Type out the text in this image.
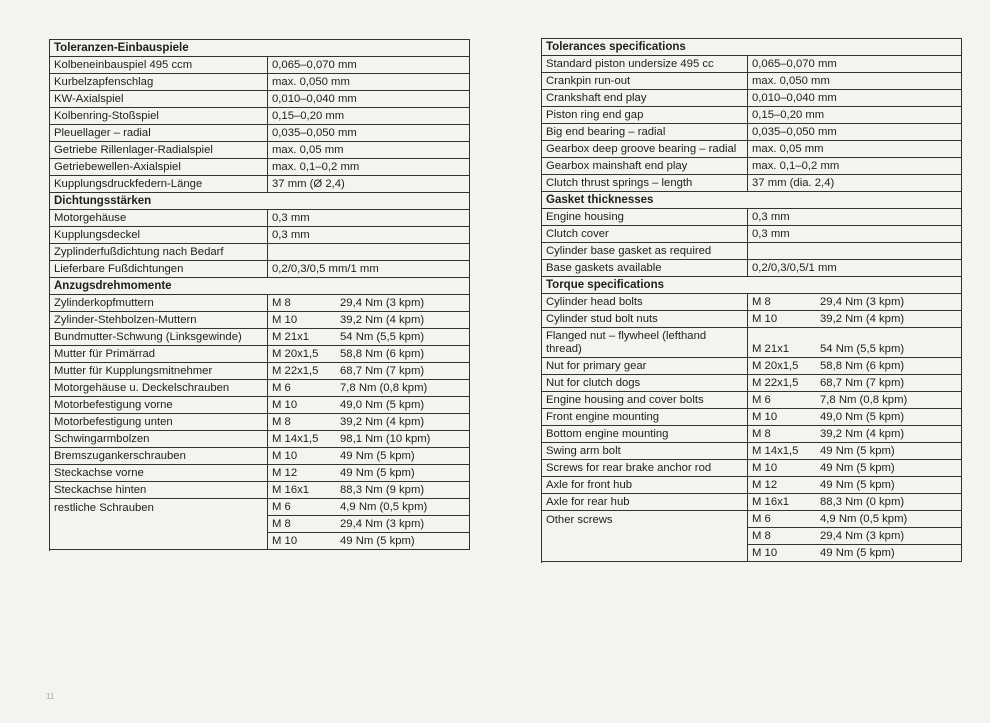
Toleranzen-Einbauspiele	
Kolbeneinbauspiel 495 ccm	0,065–0,070 mm
Kurbelzapfenschlag	max. 0,050 mm
KW-Axialspiel	0,010–0,040 mm
Kolbenring-Stoßspiel	0,15–0,20 mm
Pleuellager – radial	0,035–0,050 mm
Getriebe Rillenlager-Radialspiel	max. 0,05 mm
Getriebewellen-Axialspiel	max. 0,1–0,2 mm
Kupplungsdruckfedern-Länge	37 mm (Ø 2,4)
Dichtungsstärken	
Motorgehäuse	0,3 mm
Kupplungsdeckel	0,3 mm
Zyplinderfußdichtung nach Bedarf	
Lieferbare Fußdichtungen	0,2/0,3/0,5 mm/1 mm
Anzugsdrehmomente	
Zylinderkopfmuttern	M 8 29,4 Nm (3 kpm)

Zylinder-Stehbolzen-Muttern	M 10 39,2 Nm (4 kpm)

Bundmutter-Schwung (Linksgewinde)	M 21x1 54 Nm (5,5 kpm)

Mutter für Primärrad	M 20x1,5 58,8 Nm (6 kpm)

Mutter für Kupplungsmitnehmer	M 22x1,5 68,7 Nm (7 kpm)

Motorgehäuse u. Deckelschrauben	M 6 7,8 Nm (0,8 kpm)

Motorbefestigung vorne	M 10 49,0 Nm (5 kpm)

Motorbefestigung unten	M 8 39,2 Nm (4 kpm)

Schwingarmbolzen	M 14x1,5 98,1 Nm (10 kpm)

Bremszugankerschrauben	M 10 49 Nm (5 kpm)

Steckachse vorne	M 12 49 Nm (5 kpm)

Steckachse hinten	M 16x1 88,3 Nm (9 kpm)

restliche Schrauben	M 6 4,9 Nm (0,5 kpm)

	M 8 29,4 Nm (3 kpm)

	M 10 49 Nm (5 kpm)

Tolerances specifications	
Standard piston undersize 495 cc	0,065–0,070 mm
Crankpin run-out	max. 0,050 mm
Crankshaft end play	0,010–0,040 mm
Piston ring end gap	0,15–0,20 mm
Big end bearing – radial	0,035–0,050 mm
Gearbox deep groove bearing – radial	max. 0,05 mm
Gearbox mainshaft end play	max. 0,1–0,2 mm
Clutch thrust springs – length	37 mm (dia. 2,4)
Gasket thicknesses	
Engine housing	0,3 mm
Clutch cover	0,3 mm
Cylinder base gasket as required	
Base gaskets available	0,2/0,3/0,5/1 mm
Torque specifications	
Cylinder head bolts	M 8 29,4 Nm (3 kpm)

Cylinder stud bolt nuts	M 10 39,2 Nm (4 kpm)

Flanged nut – flywheel (lefthand thread)	M 21x1 54 Nm (5,5 kpm)

Nut for primary gear	M 20x1,5 58,8 Nm (6 kpm)

Nut for clutch dogs	M 22x1,5 68,7 Nm (7 kpm)

Engine housing and cover bolts	M 6 7,8 Nm (0,8 kpm)

Front engine mounting	M 10 49,0 Nm (5 kpm)

Bottom engine mounting	M 8 39,2 Nm (4 kpm)

Swing arm bolt	M 14x1,5 49 Nm (5 kpm)

Screws for rear brake anchor rod	M 10 49 Nm (5 kpm)

Axle for front hub	M 12 49 Nm (5 kpm)

Axle for rear hub	M 16x1 88,3 Nm (0 kpm)

Other screws	M 6 4,9 Nm (0,5 kpm)

	M 8 29,4 Nm (3 kpm)

	M 10 49 Nm (5 kpm)

11
